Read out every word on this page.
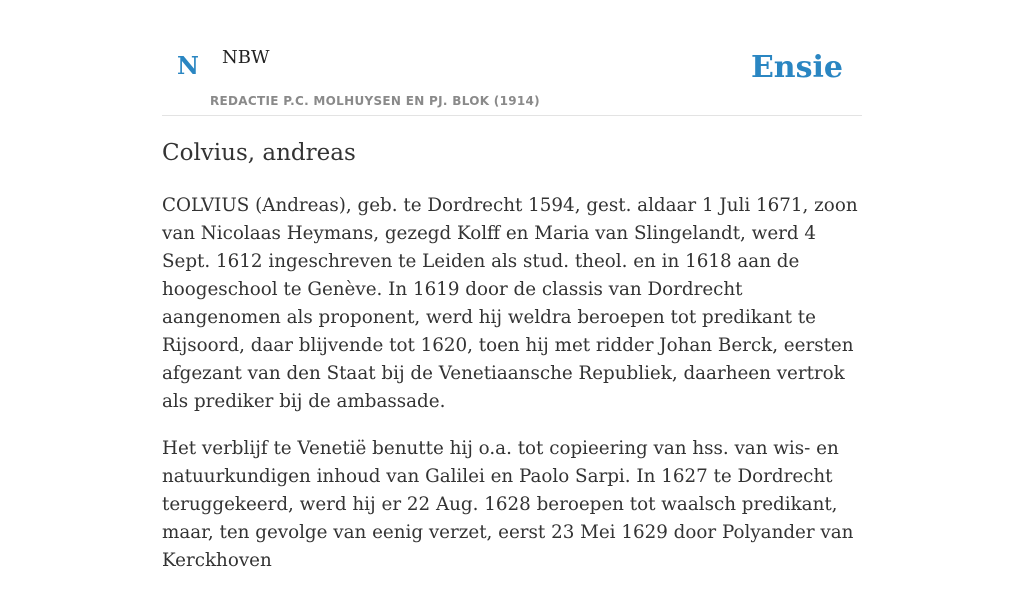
N NBW
REDACTIE P.C. MOLHUYSEN EN PJ. BLOK (1914)
Ensie
Colvius, andreas

COLVIUS (Andreas), geb. te Dordrecht 1594, gest. aldaar 1 Juli 1671, zoon van Nicolaas Heymans, gezegd Kolff en Maria van Slingelandt, werd 4 Sept. 1612 ingeschreven te Leiden als stud. theol. en in 1618 aan de hoogeschool te Genève. In 1619 door de classis van Dordrecht aangenomen als proponent, werd hij weldra beroepen tot predikant te Rijsoord, daar blijvende tot 1620, toen hij met ridder Johan Berck, eersten afgezant van den Staat bij de Venetiaansche Republiek, daarheen vertrok als prediker bij de ambassade.

Het verblijf te Venetië benutte hij o.a. tot copieering van hss. van wis- en natuurkundigen inhoud van Galilei en Paolo Sarpi. In 1627 te Dordrecht teruggekeerd, werd hij er 22 Aug. 1628 beroepen tot waalsch predikant, maar, ten gevolge van eenig verzet, eerst 23 Mei 1629 door Polyander van Kerckhoven
